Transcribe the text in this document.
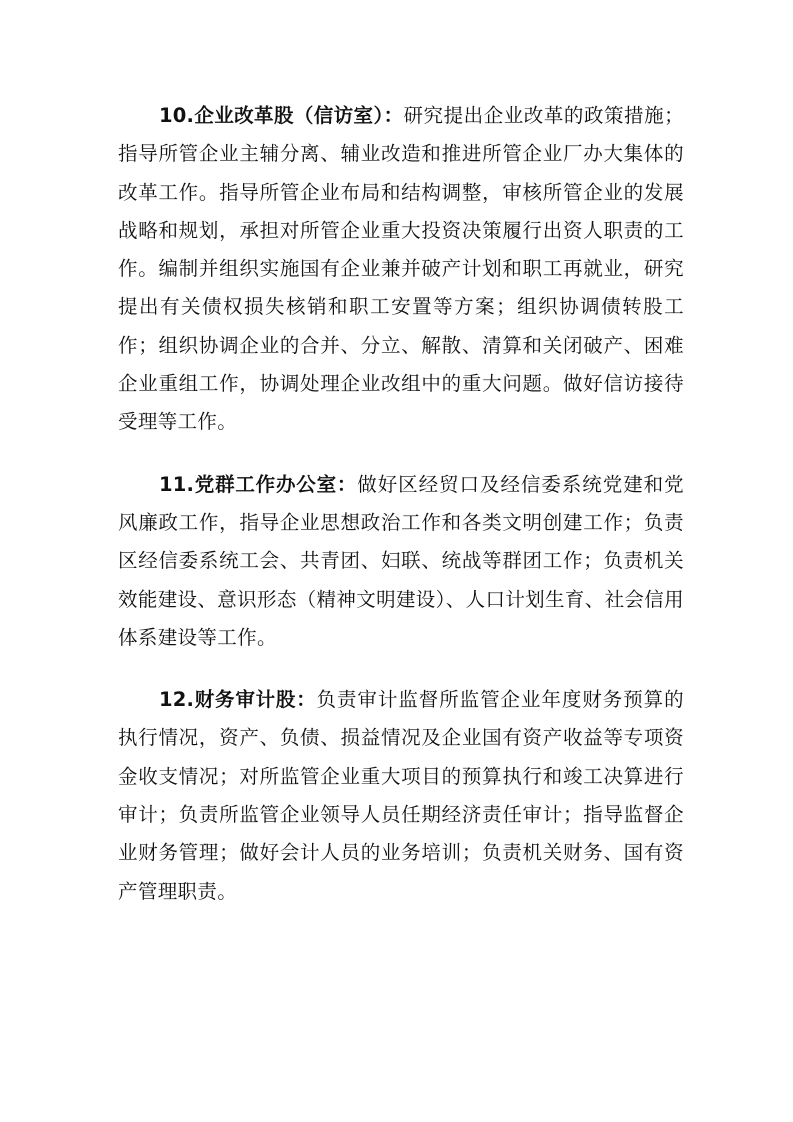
10.企业改革股（信访室）：研究提出企业改革的政策措施；指导所管企业主辅分离、辅业改造和推进所管企业厂办大集体的改革工作。指导所管企业布局和结构调整，审核所管企业的发展战略和规划，承担对所管企业重大投资决策履行出资人职责的工作。编制并组织实施国有企业兼并破产计划和职工再就业，研究提出有关债权损失核销和职工安置等方案；组织协调债转股工作；组织协调企业的合并、分立、解散、清算和关闭破产、困难企业重组工作，协调处理企业改组中的重大问题。做好信访接待受理等工作。

11.党群工作办公室：做好区经贸口及经信委系统党建和党风廉政工作，指导企业思想政治工作和各类文明创建工作；负责区经信委系统工会、共青团、妇联、统战等群团工作；负责机关效能建设、意识形态（精神文明建设）、人口计划生育、社会信用体系建设等工作。

12.财务审计股：负责审计监督所监管企业年度财务预算的执行情况，资产、负债、损益情况及企业国有资产收益等专项资金收支情况；对所监管企业重大项目的预算执行和竣工决算进行审计；负责所监管企业领导人员任期经济责任审计；指导监督企业财务管理；做好会计人员的业务培训；负责机关财务、国有资产管理职责。
